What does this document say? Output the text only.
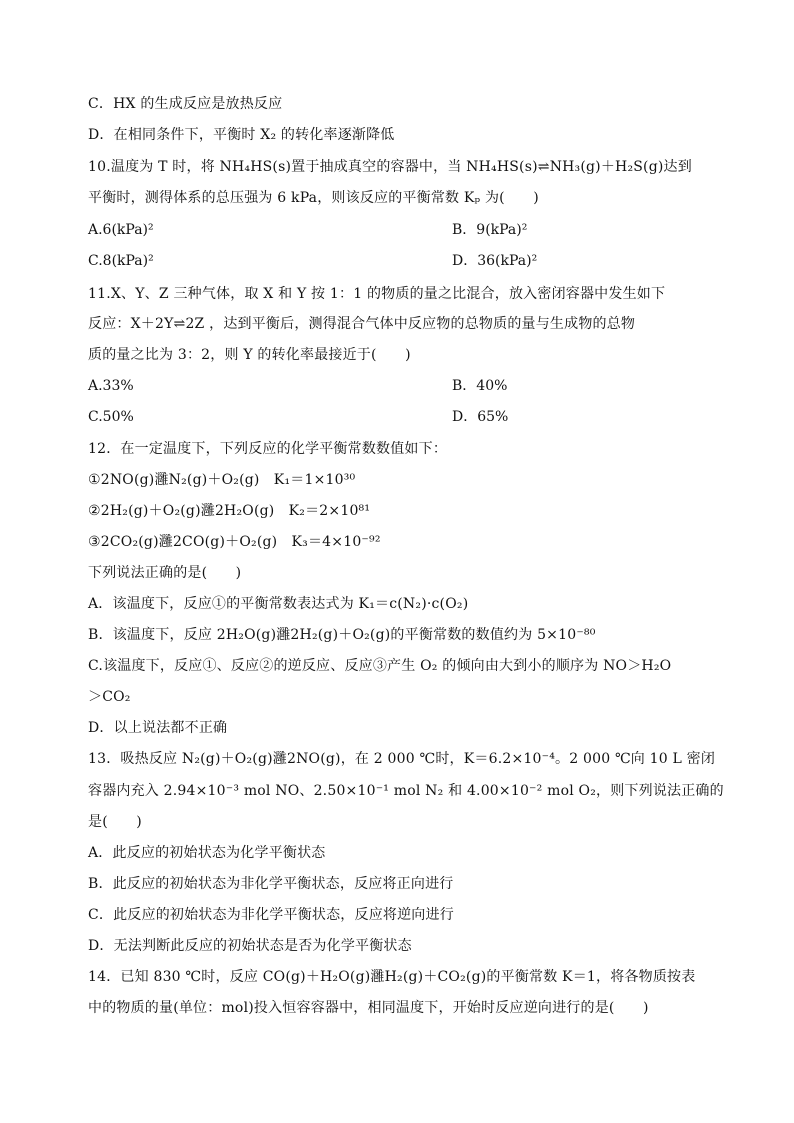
C．HX 的生成反应是放热反应
D．在相同条件下，平衡时 X₂ 的转化率逐渐降低
10.温度为 T 时，将 NH₄HS(s)置于抽成真空的容器中，当 NH₄HS(s)⇌NH₃(g)＋H₂S(g)达到
平衡时，测得体系的总压强为 6 kPa，则该反应的平衡常数 Kₚ 为(　　)
A.6(kPa)²	B．9(kPa)²
C.8(kPa)²	D．36(kPa)²
11.X、Y、Z 三种气体，取 X 和 Y 按 1：1 的物质的量之比混合，放入密闭容器中发生如下
反应：X＋2Y⇌2Z ，达到平衡后，测得混合气体中反应物的总物质的量与生成物的总物
质的量之比为 3：2，则 Y 的转化率最接近于(　　)
A.33%	B．40%
C.50%	D．65%
12．在一定温度下，下列反应的化学平衡常数数值如下：
①2NO(g)灉N₂(g)＋O₂(g)　K₁＝1×10³⁰
②2H₂(g)＋O₂(g)灉2H₂O(g)　K₂＝2×10⁸¹
③2CO₂(g)灉2CO(g)＋O₂(g)　K₃＝4×10⁻⁹²
下列说法正确的是(　　)
A．该温度下，反应①的平衡常数表达式为 K₁＝c(N₂)·c(O₂)
B．该温度下，反应 2H₂O(g)灉2H₂(g)＋O₂(g)的平衡常数的数值约为 5×10⁻⁸⁰
C.该温度下，反应①、反应②的逆反应、反应③产生 O₂ 的倾向由大到小的顺序为 NO＞H₂O
＞CO₂
D．以上说法都不正确
13．吸热反应 N₂(g)＋O₂(g)灉2NO(g)，在 2 000 ℃时，K＝6.2×10⁻⁴。2 000 ℃向 10 L 密闭
容器内充入 2.94×10⁻³ mol NO、2.50×10⁻¹ mol N₂ 和 4.00×10⁻² mol O₂，则下列说法正确的
是(　　)
A．此反应的初始状态为化学平衡状态
B．此反应的初始状态为非化学平衡状态，反应将正向进行
C．此反应的初始状态为非化学平衡状态，反应将逆向进行
D．无法判断此反应的初始状态是否为化学平衡状态
14．已知 830 ℃时，反应 CO(g)＋H₂O(g)灉H₂(g)＋CO₂(g)的平衡常数 K＝1，将各物质按表
中的物质的量(单位：mol)投入恒容容器中，相同温度下，开始时反应逆向进行的是(　　)
